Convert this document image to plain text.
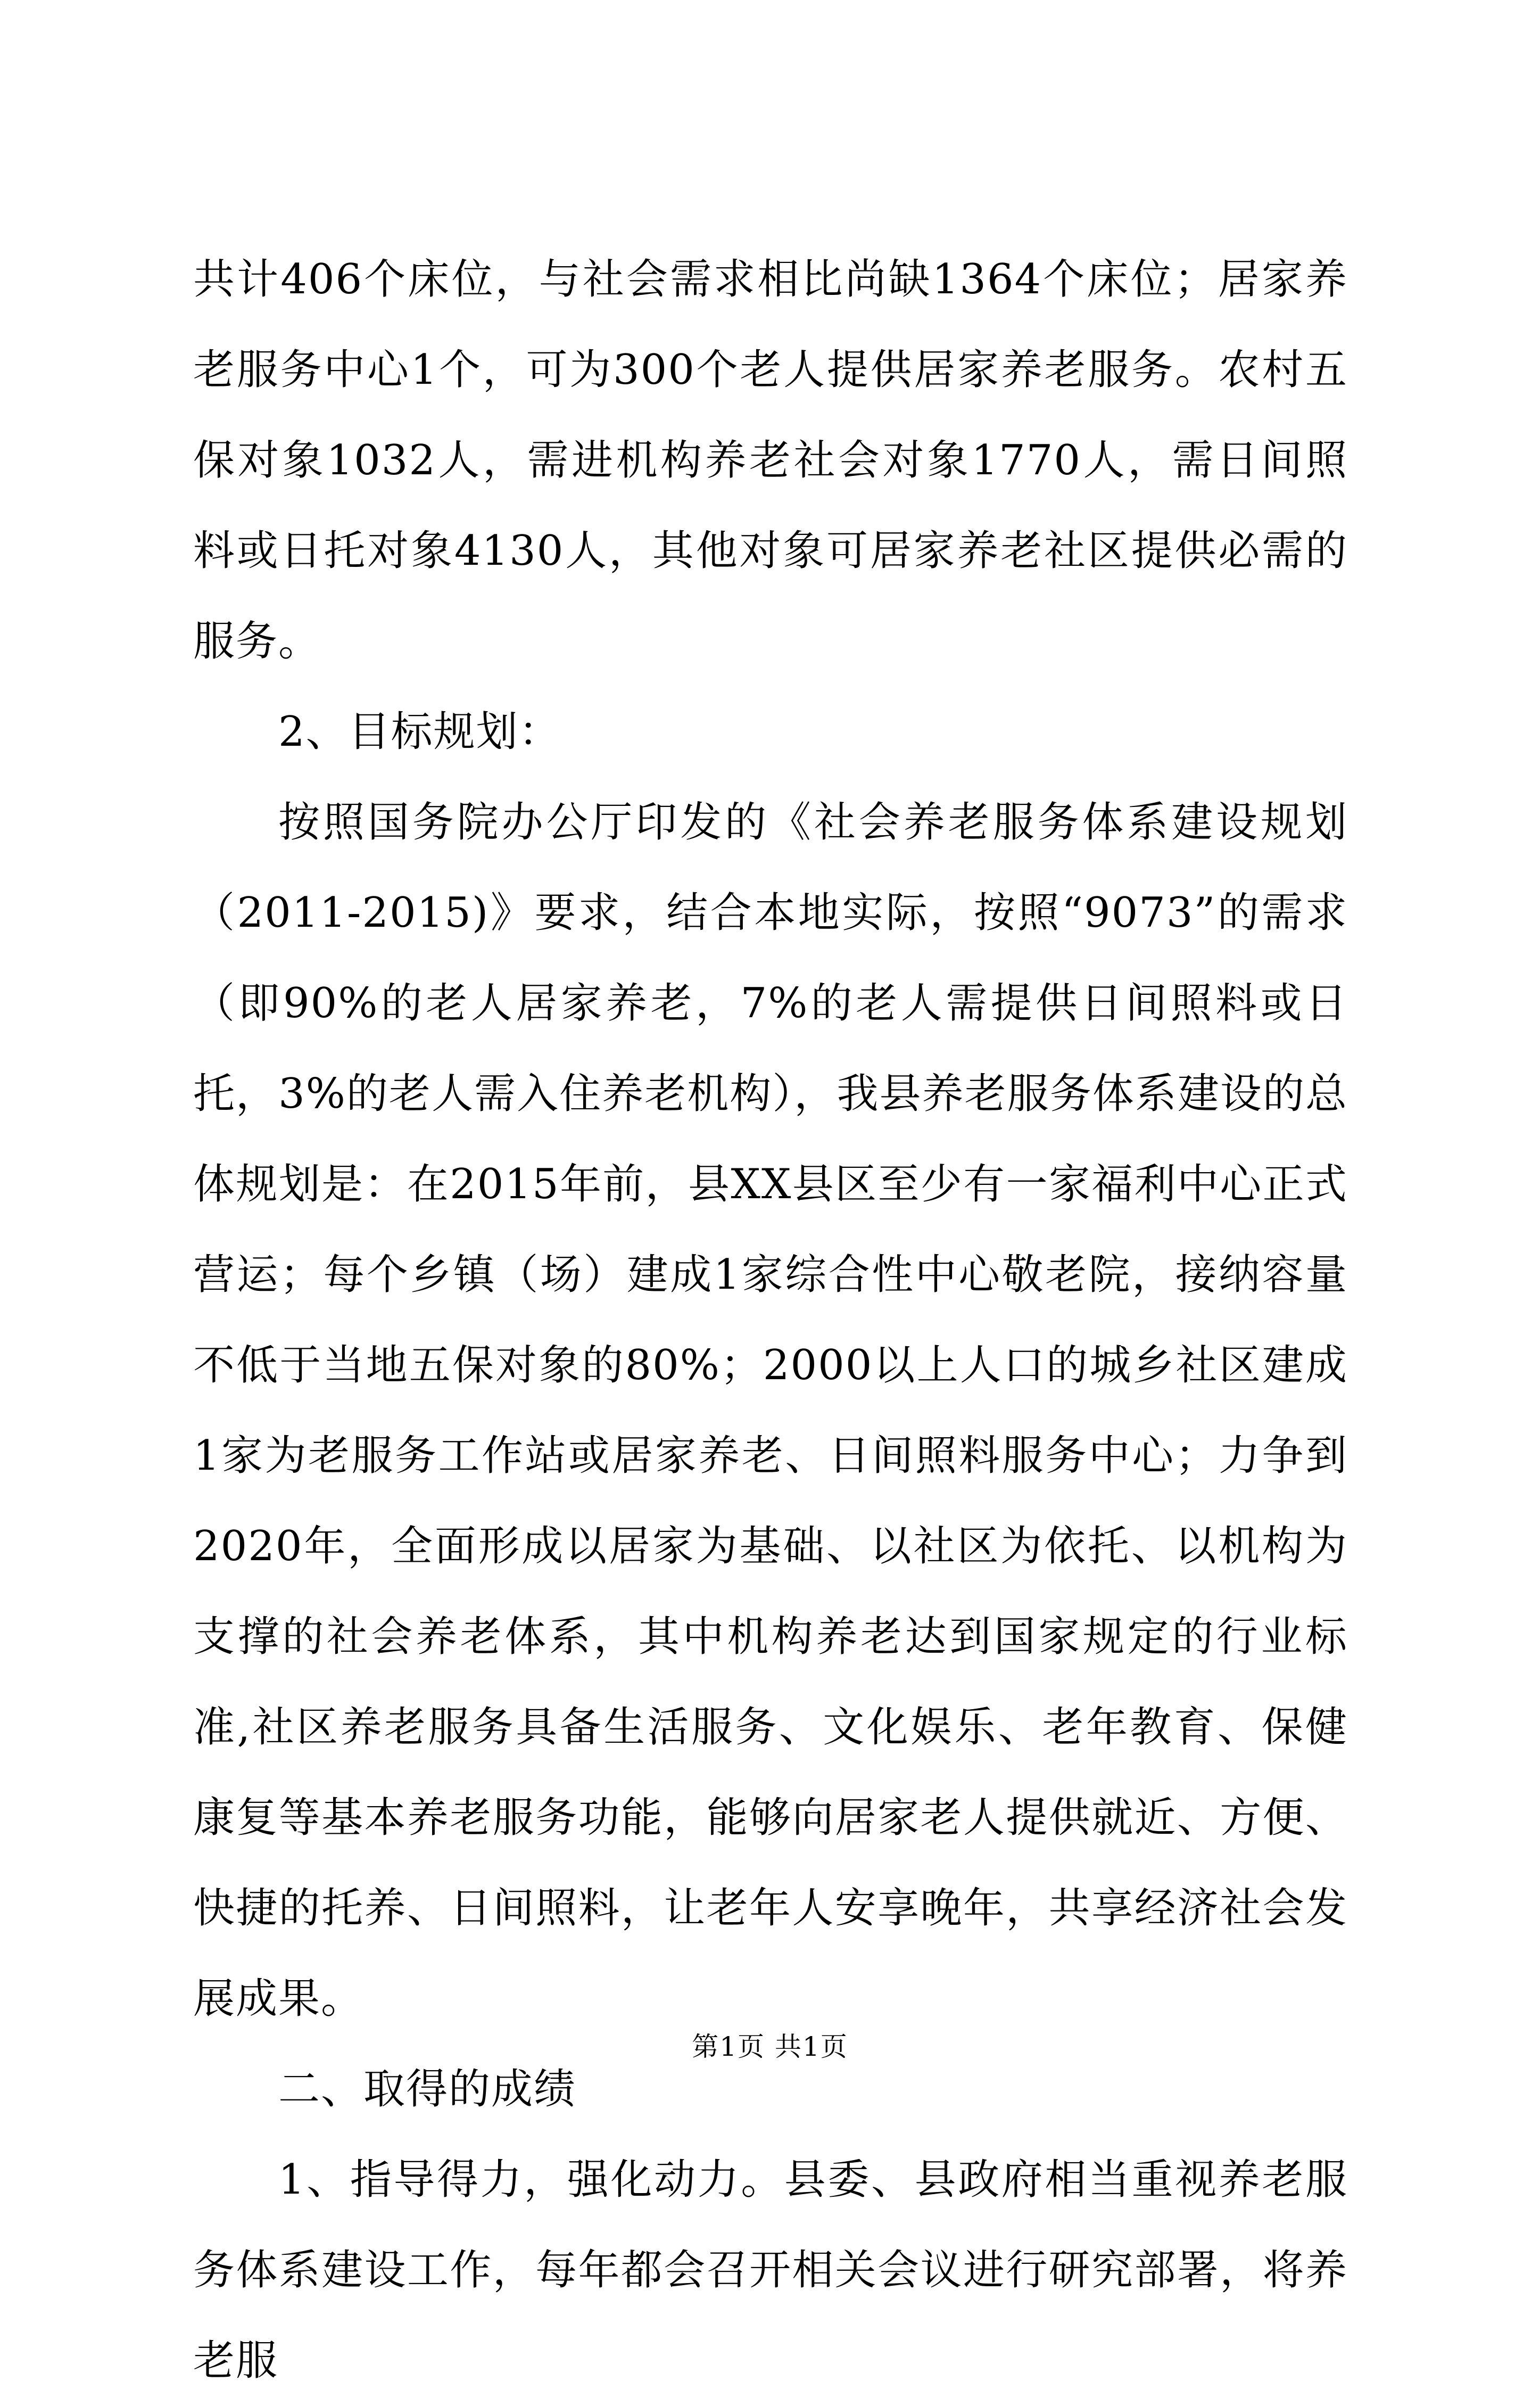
共计406个床位，与社会需求相比尚缺1364个床位；居家养老服务中心1个，可为300个老人提供居家养老服务。农村五保对象1032人，需进机构养老社会对象1770人，需日间照料或日托对象4130人，其他对象可居家养老社区提供必需的服务。

2、目标规划：

按照国务院办公厅印发的《社会养老服务体系建设规划（2011-2015)》要求，结合本地实际，按照“9073”的需求（即90%的老人居家养老，7%的老人需提供日间照料或日托，3%的老人需入住养老机构），我县养老服务体系建设的总体规划是：在2015年前，县XX县区至少有一家福利中心正式营运；每个乡镇（场）建成1家综合性中心敬老院，接纳容量不低于当地五保对象的80%；2000以上人口的城乡社区建成1家为老服务工作站或居家养老、日间照料服务中心；力争到2020年，全面形成以居家为基础、以社区为依托、以机构为支撑的社会养老体系，其中机构养老达到国家规定的行业标准,社区养老服务具备生活服务、文化娱乐、老年教育、保健康复等基本养老服务功能，能够向居家老人提供就近、方便、快捷的托养、日间照料，让老年人安享晚年，共享经济社会发展成果。

二、取得的成绩

1、指导得力，强化动力。县委、县政府相当重视养老服务体系建设工作，每年都会召开相关会议进行研究部署，将养老服

第1页 共1页
